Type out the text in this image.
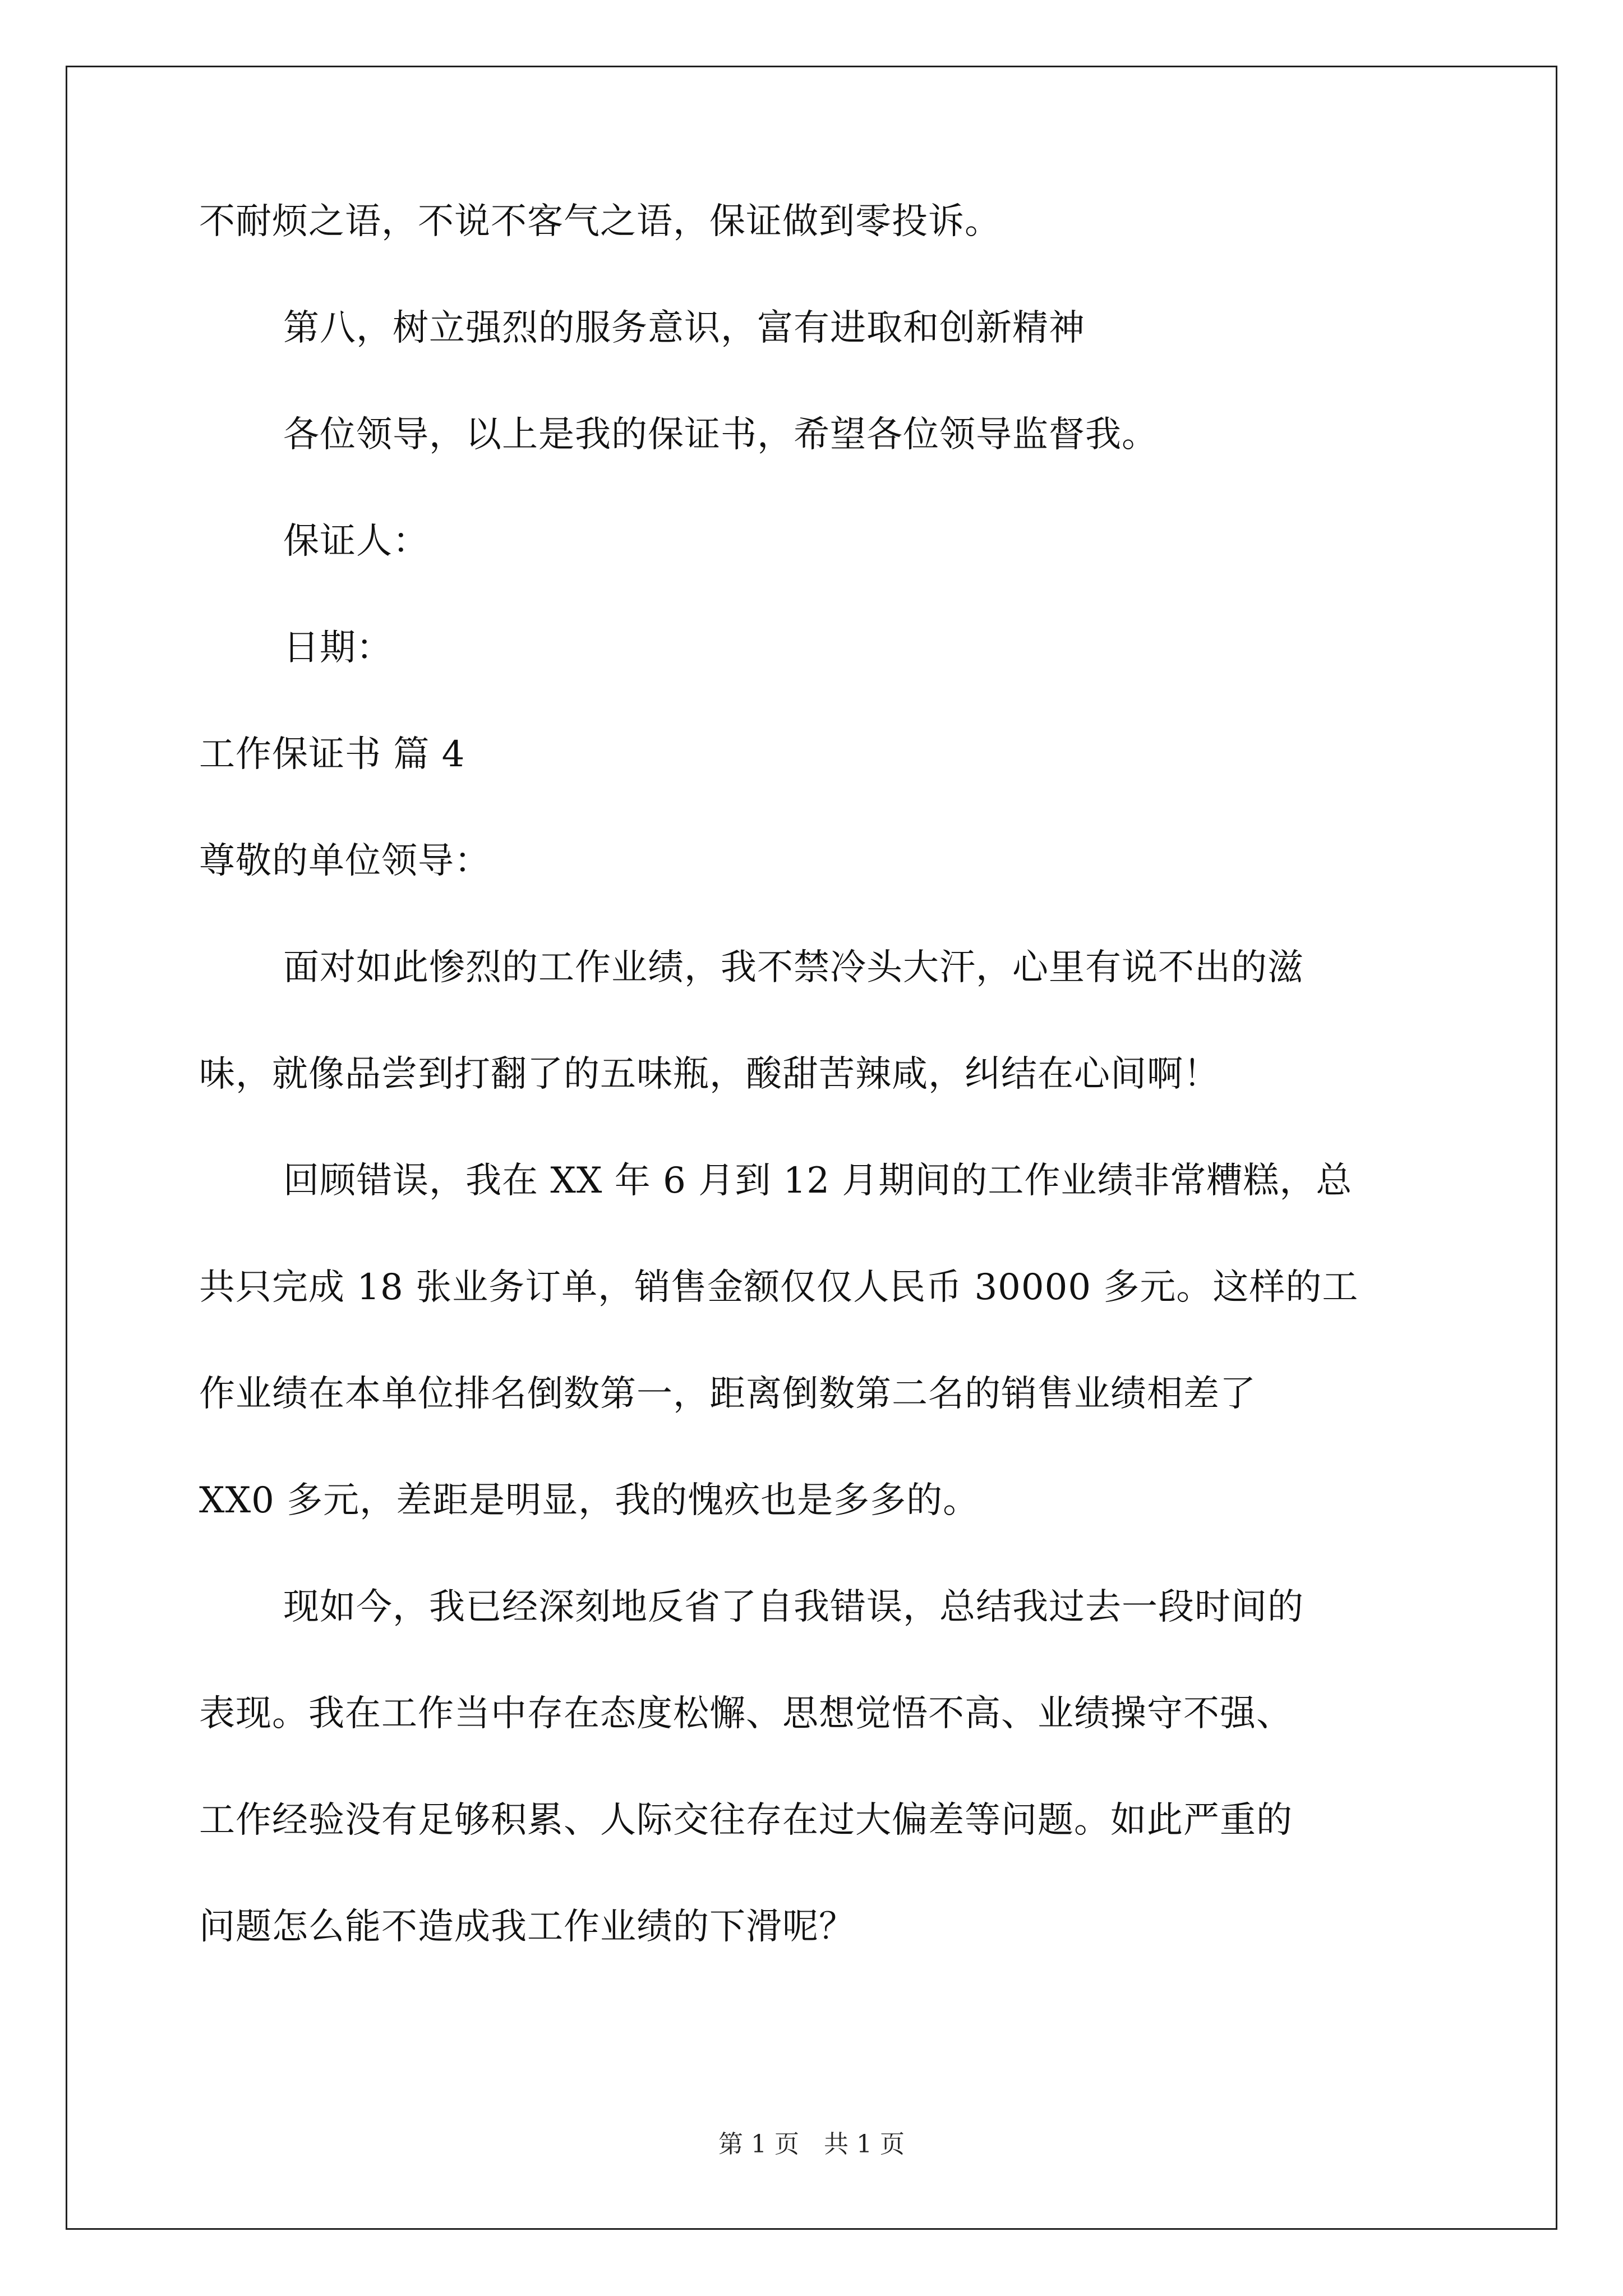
不耐烦之语，不说不客气之语，保证做到零投诉。
第八，树立强烈的服务意识，富有进取和创新精神
各位领导，以上是我的保证书，希望各位领导监督我。
保证人：
日期：
工作保证书 篇 4
尊敬的单位领导：
面对如此惨烈的工作业绩，我不禁冷头大汗，心里有说不出的滋
味，就像品尝到打翻了的五味瓶，酸甜苦辣咸，纠结在心间啊！
回顾错误，我在 XX 年 6 月到 12 月期间的工作业绩非常糟糕，总
共只完成 18 张业务订单，销售金额仅仅人民币 30000 多元。这样的工
作业绩在本单位排名倒数第一，距离倒数第二名的销售业绩相差了
XX0 多元，差距是明显，我的愧疚也是多多的。
现如今，我已经深刻地反省了自我错误，总结我过去一段时间的
表现。我在工作当中存在态度松懈、思想觉悟不高、业绩操守不强、
工作经验没有足够积累、人际交往存在过大偏差等问题。如此严重的
问题怎么能不造成我工作业绩的下滑呢？
第 1 页 共 1 页
